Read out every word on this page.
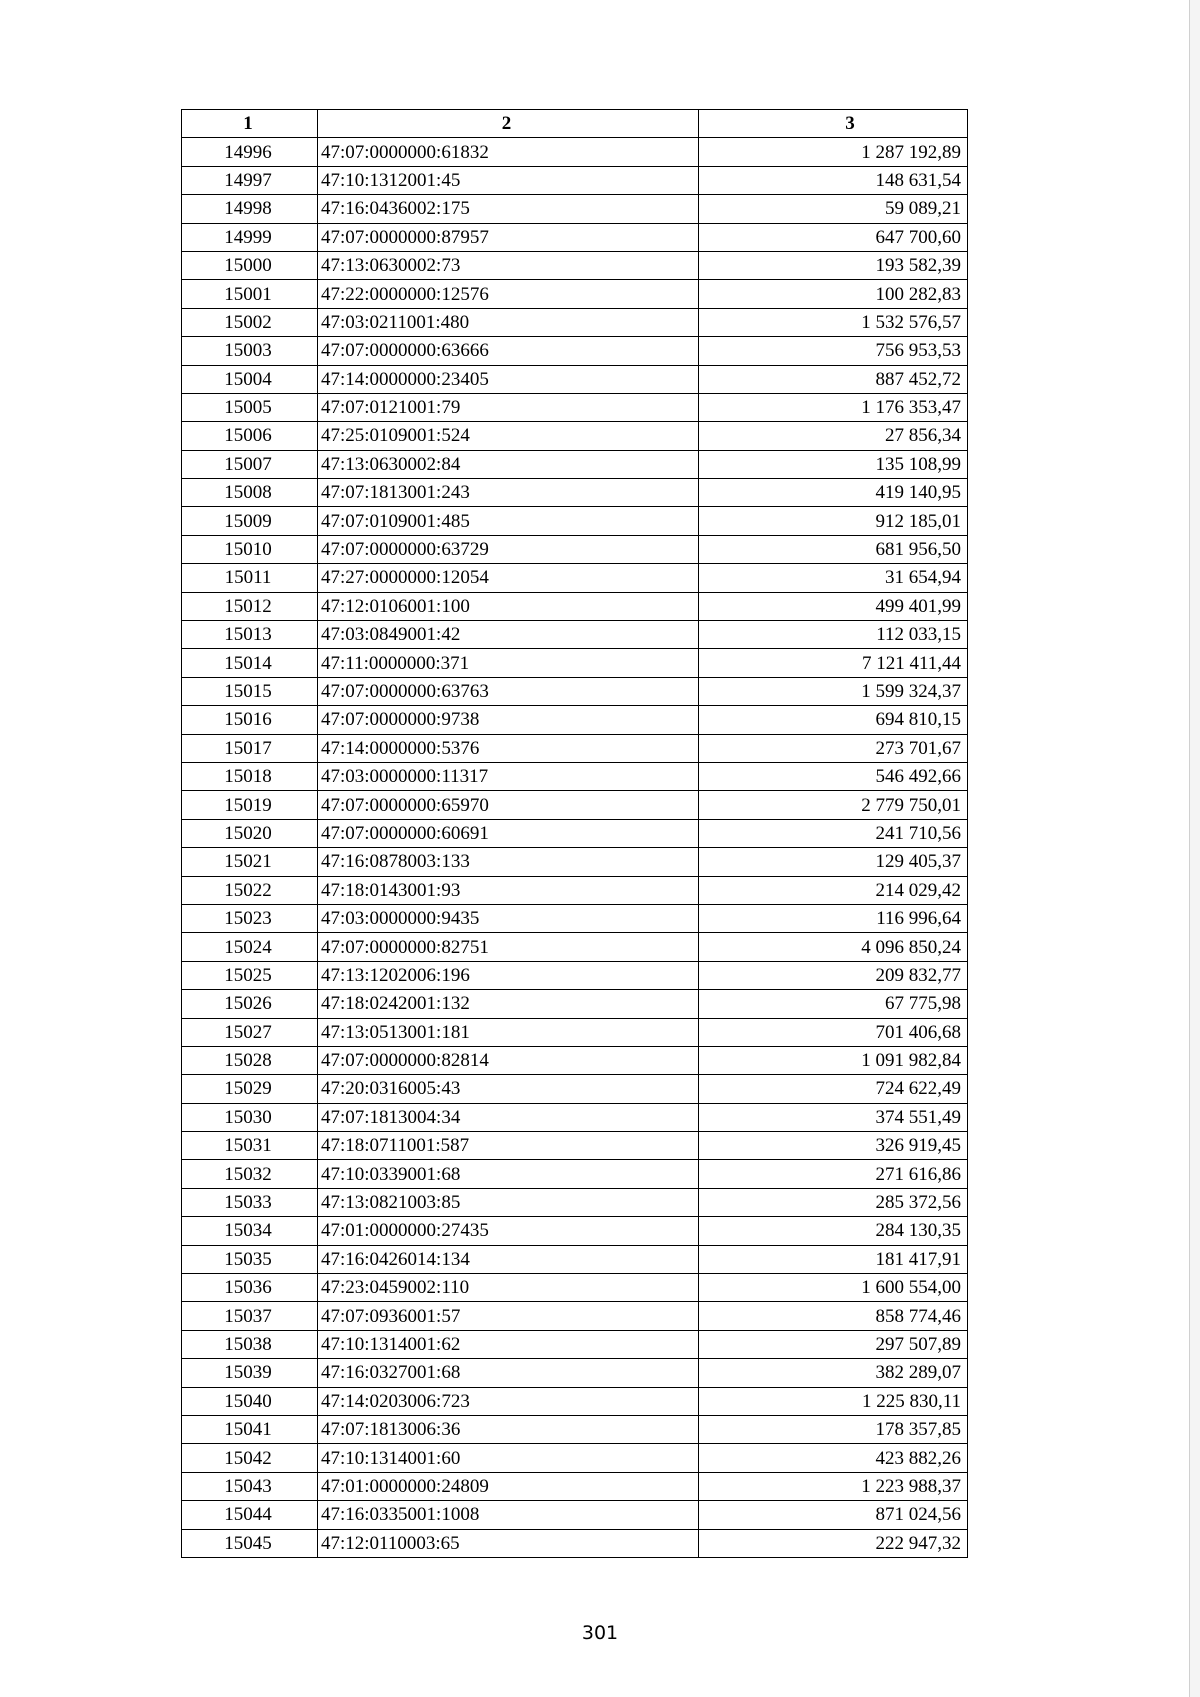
1	2	3
14996	47:07:0000000:61832	1 287 192,89
14997	47:10:1312001:45	148 631,54
14998	47:16:0436002:175	59 089,21
14999	47:07:0000000:87957	647 700,60
15000	47:13:0630002:73	193 582,39
15001	47:22:0000000:12576	100 282,83
15002	47:03:0211001:480	1 532 576,57
15003	47:07:0000000:63666	756 953,53
15004	47:14:0000000:23405	887 452,72
15005	47:07:0121001:79	1 176 353,47
15006	47:25:0109001:524	27 856,34
15007	47:13:0630002:84	135 108,99
15008	47:07:1813001:243	419 140,95
15009	47:07:0109001:485	912 185,01
15010	47:07:0000000:63729	681 956,50
15011	47:27:0000000:12054	31 654,94
15012	47:12:0106001:100	499 401,99
15013	47:03:0849001:42	112 033,15
15014	47:11:0000000:371	7 121 411,44
15015	47:07:0000000:63763	1 599 324,37
15016	47:07:0000000:9738	694 810,15
15017	47:14:0000000:5376	273 701,67
15018	47:03:0000000:11317	546 492,66
15019	47:07:0000000:65970	2 779 750,01
15020	47:07:0000000:60691	241 710,56
15021	47:16:0878003:133	129 405,37
15022	47:18:0143001:93	214 029,42
15023	47:03:0000000:9435	116 996,64
15024	47:07:0000000:82751	4 096 850,24
15025	47:13:1202006:196	209 832,77
15026	47:18:0242001:132	67 775,98
15027	47:13:0513001:181	701 406,68
15028	47:07:0000000:82814	1 091 982,84
15029	47:20:0316005:43	724 622,49
15030	47:07:1813004:34	374 551,49
15031	47:18:0711001:587	326 919,45
15032	47:10:0339001:68	271 616,86
15033	47:13:0821003:85	285 372,56
15034	47:01:0000000:27435	284 130,35
15035	47:16:0426014:134	181 417,91
15036	47:23:0459002:110	1 600 554,00
15037	47:07:0936001:57	858 774,46
15038	47:10:1314001:62	297 507,89
15039	47:16:0327001:68	382 289,07
15040	47:14:0203006:723	1 225 830,11
15041	47:07:1813006:36	178 357,85
15042	47:10:1314001:60	423 882,26
15043	47:01:0000000:24809	1 223 988,37
15044	47:16:0335001:1008	871 024,56
15045	47:12:0110003:65	222 947,32
301
